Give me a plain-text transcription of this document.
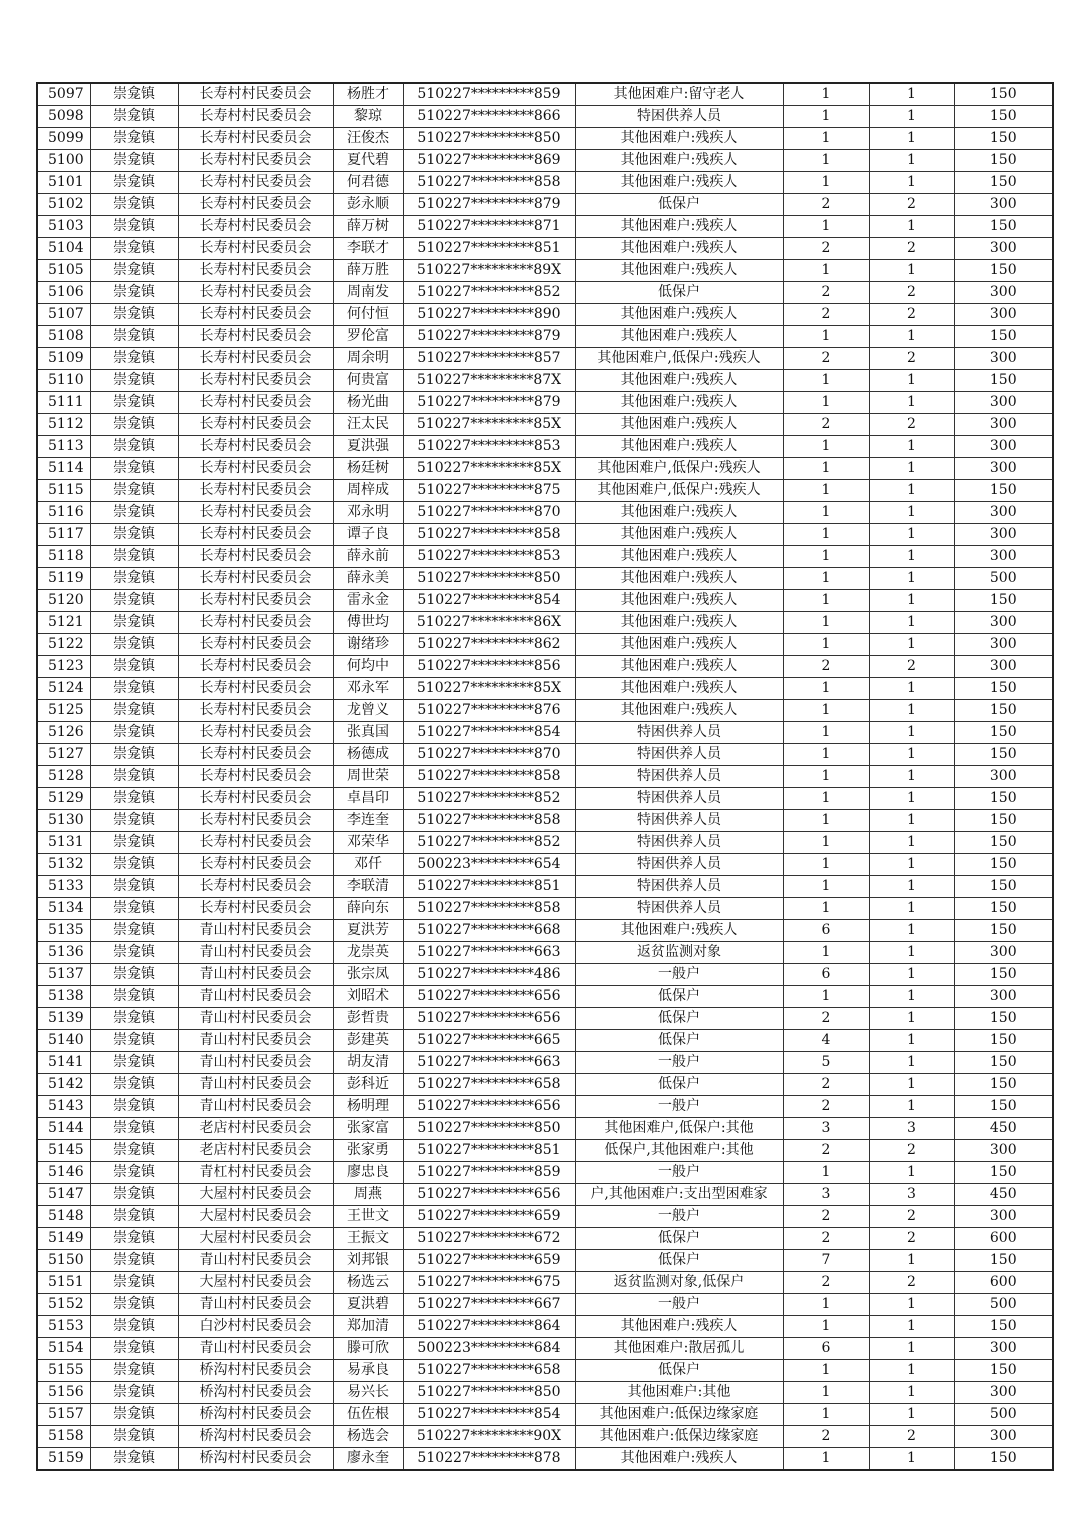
5097	崇龛镇	长寿村村民委员会	杨胜才	510227*********859	其他困难户:留守老人	1	1	150
5098	崇龛镇	长寿村村民委员会	黎琼	510227*********866	特困供养人员	1	1	150
5099	崇龛镇	长寿村村民委员会	汪俊杰	510227*********850	其他困难户:残疾人	1	1	150
5100	崇龛镇	长寿村村民委员会	夏代碧	510227*********869	其他困难户:残疾人	1	1	150
5101	崇龛镇	长寿村村民委员会	何君德	510227*********858	其他困难户:残疾人	1	1	150
5102	崇龛镇	长寿村村民委员会	彭永顺	510227*********879	低保户	2	2	300
5103	崇龛镇	长寿村村民委员会	薛万树	510227*********871	其他困难户:残疾人	1	1	150
5104	崇龛镇	长寿村村民委员会	李联才	510227*********851	其他困难户:残疾人	2	2	300
5105	崇龛镇	长寿村村民委员会	薛万胜	510227*********89X	其他困难户:残疾人	1	1	150
5106	崇龛镇	长寿村村民委员会	周南发	510227*********852	低保户	2	2	300
5107	崇龛镇	长寿村村民委员会	何付恒	510227*********890	其他困难户:残疾人	2	2	300
5108	崇龛镇	长寿村村民委员会	罗伦富	510227*********879	其他困难户:残疾人	1	1	150
5109	崇龛镇	长寿村村民委员会	周余明	510227*********857	其他困难户,低保户:残疾人	2	2	300
5110	崇龛镇	长寿村村民委员会	何贵富	510227*********87X	其他困难户:残疾人	1	1	150
5111	崇龛镇	长寿村村民委员会	杨光曲	510227*********879	其他困难户:残疾人	1	1	300
5112	崇龛镇	长寿村村民委员会	汪太民	510227*********85X	其他困难户:残疾人	2	2	300
5113	崇龛镇	长寿村村民委员会	夏洪强	510227*********853	其他困难户:残疾人	1	1	300
5114	崇龛镇	长寿村村民委员会	杨廷树	510227*********85X	其他困难户,低保户:残疾人	1	1	300
5115	崇龛镇	长寿村村民委员会	周梓成	510227*********875	其他困难户,低保户:残疾人	1	1	150
5116	崇龛镇	长寿村村民委员会	邓永明	510227*********870	其他困难户:残疾人	1	1	300
5117	崇龛镇	长寿村村民委员会	谭子良	510227*********858	其他困难户:残疾人	1	1	300
5118	崇龛镇	长寿村村民委员会	薛永前	510227*********853	其他困难户:残疾人	1	1	300
5119	崇龛镇	长寿村村民委员会	薛永美	510227*********850	其他困难户:残疾人	1	1	500
5120	崇龛镇	长寿村村民委员会	雷永金	510227*********854	其他困难户:残疾人	1	1	150
5121	崇龛镇	长寿村村民委员会	傅世均	510227*********86X	其他困难户:残疾人	1	1	300
5122	崇龛镇	长寿村村民委员会	谢绪珍	510227*********862	其他困难户:残疾人	1	1	300
5123	崇龛镇	长寿村村民委员会	何均中	510227*********856	其他困难户:残疾人	2	2	300
5124	崇龛镇	长寿村村民委员会	邓永军	510227*********85X	其他困难户:残疾人	1	1	150
5125	崇龛镇	长寿村村民委员会	龙曾义	510227*********876	其他困难户:残疾人	1	1	150
5126	崇龛镇	长寿村村民委员会	张真国	510227*********854	特困供养人员	1	1	150
5127	崇龛镇	长寿村村民委员会	杨德成	510227*********870	特困供养人员	1	1	150
5128	崇龛镇	长寿村村民委员会	周世荣	510227*********858	特困供养人员	1	1	300
5129	崇龛镇	长寿村村民委员会	卓昌印	510227*********852	特困供养人员	1	1	150
5130	崇龛镇	长寿村村民委员会	李连奎	510227*********858	特困供养人员	1	1	150
5131	崇龛镇	长寿村村民委员会	邓荣华	510227*********852	特困供养人员	1	1	150
5132	崇龛镇	长寿村村民委员会	邓仟	500223*********654	特困供养人员	1	1	150
5133	崇龛镇	长寿村村民委员会	李联清	510227*********851	特困供养人员	1	1	150
5134	崇龛镇	长寿村村民委员会	薛向东	510227*********858	特困供养人员	1	1	150
5135	崇龛镇	青山村村民委员会	夏洪芳	510227*********668	其他困难户:残疾人	6	1	150
5136	崇龛镇	青山村村民委员会	龙崇英	510227*********663	返贫监测对象	1	1	300
5137	崇龛镇	青山村村民委员会	张宗凤	510227*********486	一般户	6	1	150
5138	崇龛镇	青山村村民委员会	刘昭术	510227*********656	低保户	1	1	300
5139	崇龛镇	青山村村民委员会	彭哲贵	510227*********656	低保户	2	1	150
5140	崇龛镇	青山村村民委员会	彭建英	510227*********665	低保户	4	1	150
5141	崇龛镇	青山村村民委员会	胡友清	510227*********663	一般户	5	1	150
5142	崇龛镇	青山村村民委员会	彭科近	510227*********658	低保户	2	1	150
5143	崇龛镇	青山村村民委员会	杨明理	510227*********656	一般户	2	1	150
5144	崇龛镇	老店村村民委员会	张家富	510227*********850	其他困难户,低保户:其他	3	3	450
5145	崇龛镇	老店村村民委员会	张家勇	510227*********851	低保户,其他困难户:其他	2	2	300
5146	崇龛镇	青杠村村民委员会	廖忠良	510227*********859	一般户	1	1	150
5147	崇龛镇	大屋村村民委员会	周燕	510227*********656	户,其他困难户:支出型困难家	3	3	450
5148	崇龛镇	大屋村村民委员会	王世文	510227*********659	一般户	2	2	300
5149	崇龛镇	大屋村村民委员会	王振文	510227*********672	低保户	2	2	600
5150	崇龛镇	青山村村民委员会	刘邦银	510227*********659	低保户	7	1	150
5151	崇龛镇	大屋村村民委员会	杨选云	510227*********675	返贫监测对象,低保户	2	2	600
5152	崇龛镇	青山村村民委员会	夏洪碧	510227*********667	一般户	1	1	500
5153	崇龛镇	白沙村村民委员会	郑加清	510227*********864	其他困难户:残疾人	1	1	150
5154	崇龛镇	青山村村民委员会	滕可欣	500223*********684	其他困难户:散居孤儿	6	1	300
5155	崇龛镇	桥沟村村民委员会	易承良	510227*********658	低保户	1	1	150
5156	崇龛镇	桥沟村村民委员会	易兴长	510227*********850	其他困难户:其他	1	1	300
5157	崇龛镇	桥沟村村民委员会	伍佐根	510227*********854	其他困难户:低保边缘家庭	1	1	500
5158	崇龛镇	桥沟村村民委员会	杨选会	510227*********90X	其他困难户:低保边缘家庭	2	2	300
5159	崇龛镇	桥沟村村民委员会	廖永奎	510227*********878	其他困难户:残疾人	1	1	150
